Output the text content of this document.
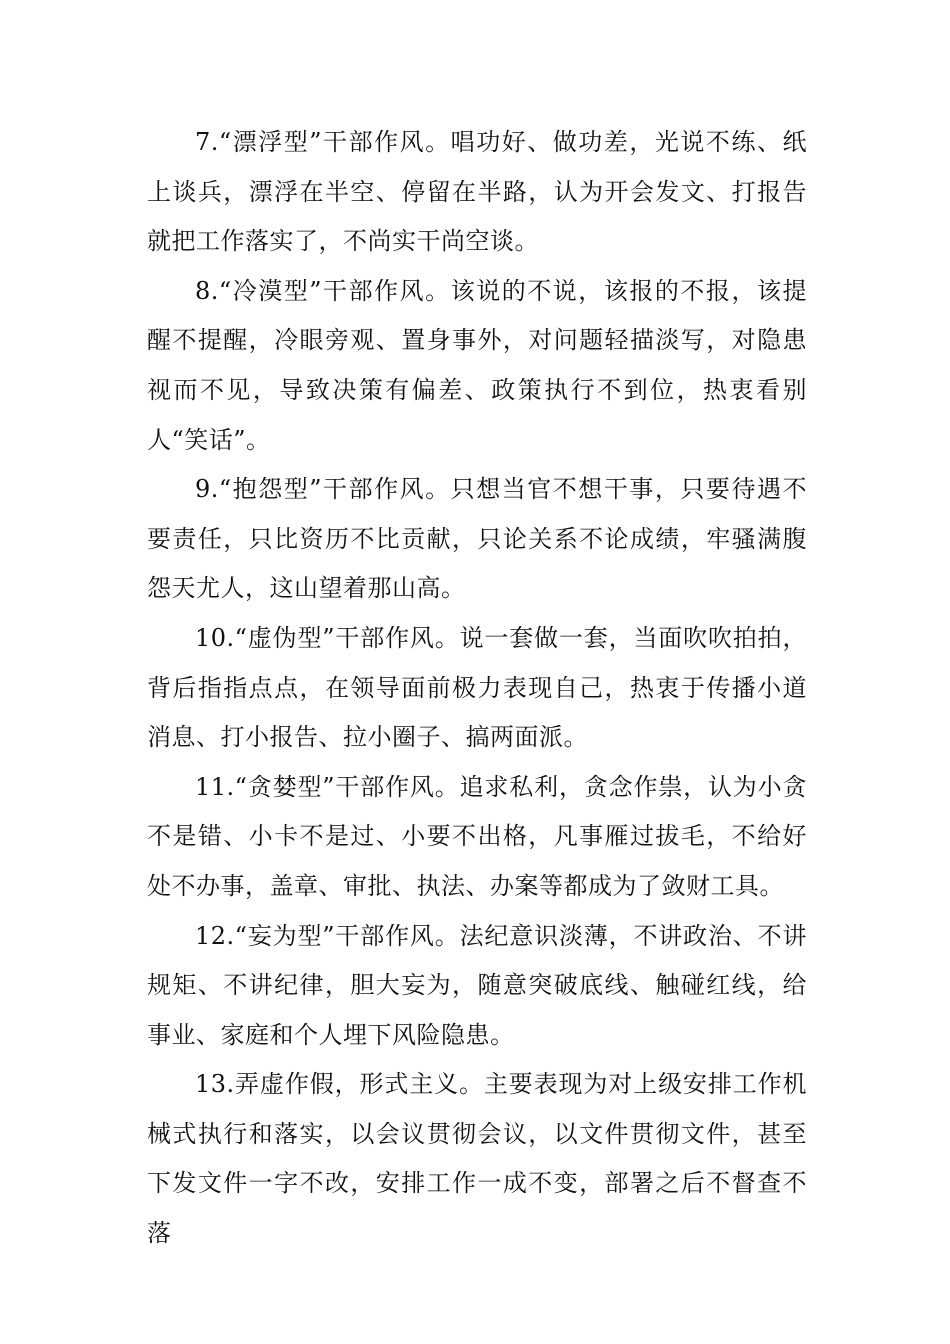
7.“漂浮型”干部作风。唱功好、做功差，光说不练、纸上谈兵，漂浮在半空、停留在半路，认为开会发文、打报告就把工作落实了，不尚实干尚空谈。

8.“冷漠型”干部作风。该说的不说，该报的不报，该提醒不提醒，冷眼旁观、置身事外，对问题轻描淡写，对隐患视而不见，导致决策有偏差、政策执行不到位，热衷看别人“笑话”。

9.“抱怨型”干部作风。只想当官不想干事，只要待遇不要责任，只比资历不比贡献，只论关系不论成绩，牢骚满腹怨天尤人，这山望着那山高。

10.“虚伪型”干部作风。说一套做一套，当面吹吹拍拍，背后指指点点，在领导面前极力表现自己，热衷于传播小道消息、打小报告、拉小圈子、搞两面派。

11.“贪婪型”干部作风。追求私利，贪念作祟，认为小贪不是错、小卡不是过、小要不出格，凡事雁过拔毛，不给好处不办事，盖章、审批、执法、办案等都成为了敛财工具。

12.“妄为型”干部作风。法纪意识淡薄，不讲政治、不讲规矩、不讲纪律，胆大妄为，随意突破底线、触碰红线，给事业、家庭和个人埋下风险隐患。

13.弄虚作假，形式主义。主要表现为对上级安排工作机械式执行和落实，以会议贯彻会议，以文件贯彻文件，甚至下发文件一字不改，安排工作一成不变，部署之后不督查不落
